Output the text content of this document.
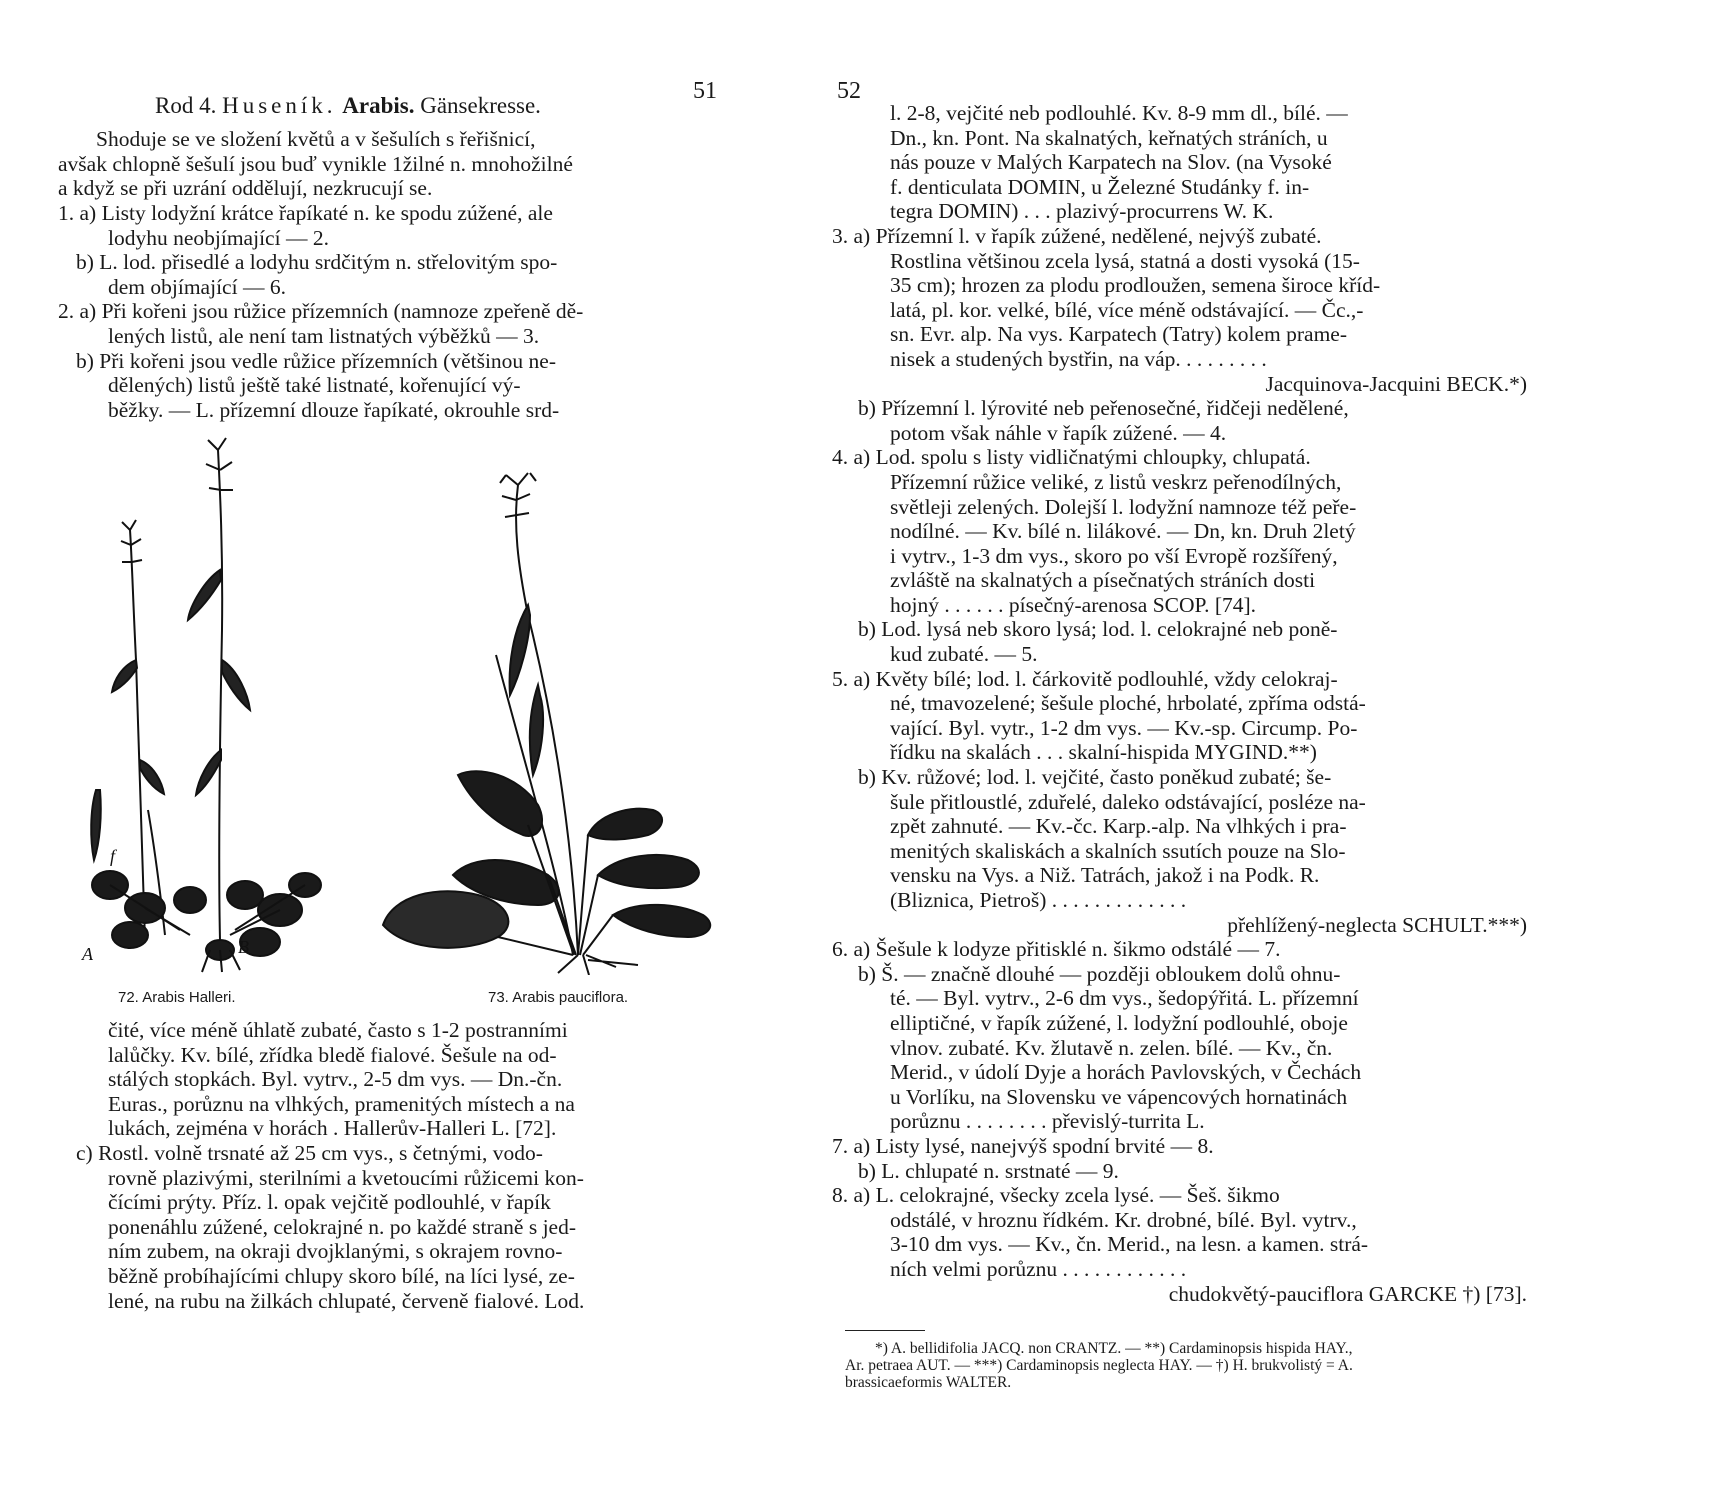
51
Rod 4. Huseník. Arabis. Gänsekresse.
Shoduje se ve složení květů a v šešulích s řeřišnicí,
avšak chlopně šešulí jsou buď vynikle 1žilné n. mnohožilné
a když se při uzrání oddělují, nezkrucují se.
1. a) Listy lodyžní krátce řapíkaté n. ke spodu zúžené, ale
lodyhu neobjímající — 2.
b) L. lod. přisedlé a lodyhu srdčitým n. střelovitým spo-
dem objímající — 6.
2. a) Při kořeni jsou růžice přízemních (namnoze zpeřeně dě-
lených listů, ale není tam listnatých výběžků — 3.
b) Při kořeni jsou vedle růžice přízemních (většinou ne-
dělených) listů ještě také listnaté, kořenující vý-
běžky. — L. přízemní dlouze řapíkaté, okrouhle srd-
A	B
f
72. Arabis Halleri.	73. Arabis pauciflora.
čité, více méně úhlatě zubaté, často s 1-2 postranními
lalůčky. Kv. bílé, zřídka bledě fialové. Šešule na od-
stálých stopkách. Byl. vytrv., 2-5 dm vys. — Dn.-čn.
Euras., porůznu na vlhkých, pramenitých místech a na
lukách, zejména v horách . Hallerův-Halleri L. [72].
c) Rostl. volně trsnaté až 25 cm vys., s četnými, vodo-
rovně plazivými, sterilními a kvetoucími růžicemi kon-
čícími prýty. Příz. l. opak vejčitě podlouhlé, v řapík
ponenáhlu zúžené, celokrajné n. po každé straně s jed-
ním zubem, na okraji dvojklanými, s okrajem rovno-
běžně probíhajícími chlupy skoro bílé, na líci lysé, ze-
lené, na rubu na žilkách chlupaté, červeně fialové. Lod.
52
l. 2-8, vejčité neb podlouhlé. Kv. 8-9 mm dl., bílé. —
Dn., kn. Pont. Na skalnatých, keřnatých stráních, u
nás pouze v Malých Karpatech na Slov. (na Vysoké
f. denticulata DOMIN, u Železné Studánky f. in-
tegra DOMIN) . . . plazivý-procurrens W. K.
3. a) Přízemní l. v řapík zúžené, nedělené, nejvýš zubaté.
Rostlina většinou zcela lysá, statná a dosti vysoká (15-
35 cm); hrozen za plodu prodloužen, semena široce kříd-
latá, pl. kor. velké, bílé, více méně odstávající. — Čc.,-
sn. Evr. alp. Na vys. Karpatech (Tatry) kolem prame-
nisek a studených bystřin, na váp. . . . . . . . .
Jacquinova-Jacquini BECK.*)
b) Přízemní l. lýrovité neb peřenosečné, řidčeji nedělené,
potom však náhle v řapík zúžené. — 4.
4. a) Lod. spolu s listy vidličnatými chloupky, chlupatá.
Přízemní růžice veliké, z listů veskrz peřenodílných,
světleji zelených. Dolejší l. lodyžní namnoze též peře-
nodílné. — Kv. bílé n. lilákové. — Dn, kn. Druh 2letý
i vytrv., 1-3 dm vys., skoro po vší Evropě rozšířený,
zvláště na skalnatých a písečnatých stráních dosti
hojný . . . . . . písečný-arenosa SCOP. [74].
b) Lod. lysá neb skoro lysá; lod. l. celokrajné neb poně-
kud zubaté. — 5.
5. a) Květy bílé; lod. l. čárkovitě podlouhlé, vždy celokraj-
né, tmavozelené; šešule ploché, hrbolaté, zpříma odstá-
vající. Byl. vytr., 1-2 dm vys. — Kv.-sp. Circump. Po-
řídku na skalách . . . skalní-hispida MYGIND.**)
b) Kv. růžové; lod. l. vejčité, často poněkud zubaté; še-
šule přitloustlé, zduřelé, daleko odstávající, posléze na-
zpět zahnuté. — Kv.-čc. Karp.-alp. Na vlhkých i pra-
menitých skaliskách a skalních ssutích pouze na Slo-
vensku na Vys. a Niž. Tatrách, jakož i na Podk. R.
(Bliznica, Pietroš) . . . . . . . . . . . . .
přehlížený-neglecta SCHULT.***)
6. a) Šešule k lodyze přitisklé n. šikmo odstálé — 7.
b) Š. — značně dlouhé — později obloukem dolů ohnu-
té. — Byl. vytrv., 2-6 dm vys., šedopýřitá. L. přízemní
elliptičné, v řapík zúžené, l. lodyžní podlouhlé, oboje
vlnov. zubaté. Kv. žlutavě n. zelen. bílé. — Kv., čn.
Merid., v údolí Dyje a horách Pavlovských, v Čechách
u Vorlíku, na Slovensku ve vápencových hornatinách
porůznu . . . . . . . . převislý-turrita L.
7. a) Listy lysé, nanejvýš spodní brvité — 8.
b) L. chlupaté n. srstnaté — 9.
8. a) L. celokrajné, všecky zcela lysé. — Šeš. šikmo
odstálé, v hroznu řídkém. Kr. drobné, bílé. Byl. vytrv.,
3-10 dm vys. — Kv., čn. Merid., na lesn. a kamen. strá-
ních velmi porůznu . . . . . . . . . . . .
chudokvětý-pauciflora GARCKE †) [73].
*) A. bellidifolia JACQ. non CRANTZ. — **) Cardaminopsis hispida HAY.,
Ar. petraea AUT. — ***) Cardaminopsis neglecta HAY. — †) H. brukvolistý = A.
brassicaeformis WALTER.
